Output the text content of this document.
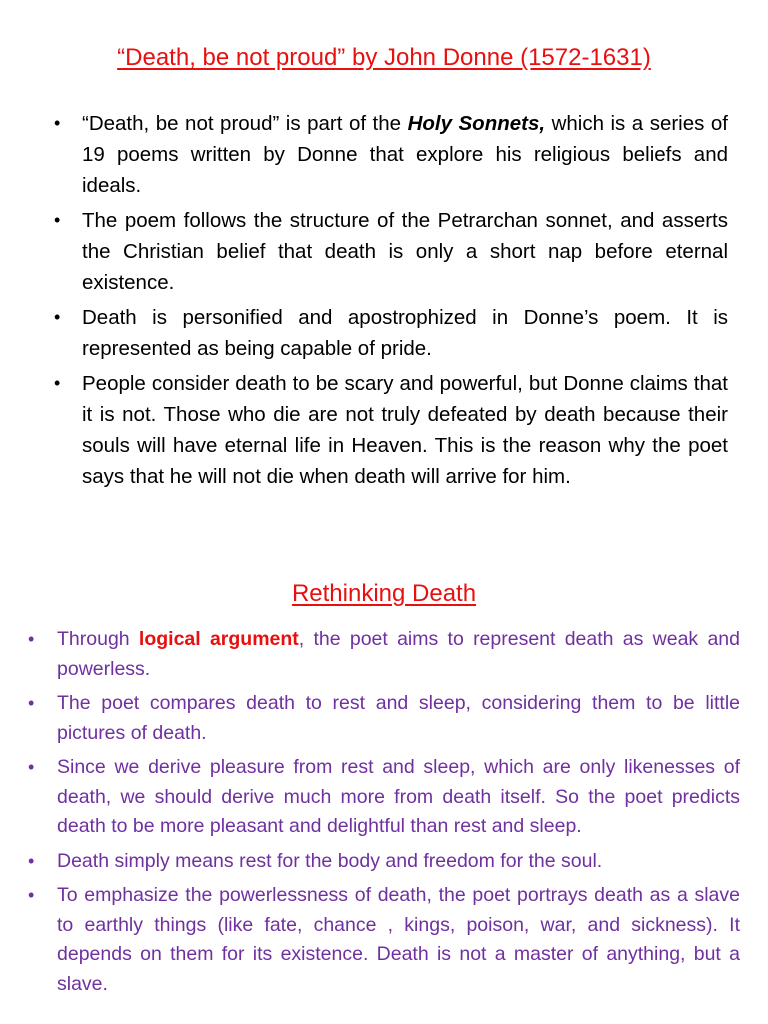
“Death, be not proud” by John Donne (1572-1631)
• “Death, be not proud” is part of the Holy Sonnets, which is a series of 19 poems written by Donne that explore his religious beliefs and ideals.
• The poem follows the structure of the Petrarchan sonnet, and asserts the Christian belief that death is only a short nap before eternal existence.
• Death is personified and apostrophized in Donne’s poem. It is represented as being capable of pride.
• People consider death to be scary and powerful, but Donne claims that it is not. Those who die are not truly defeated by death because their souls will have eternal life in Heaven. This is the reason why the poet says that he will not die when death will arrive for him.
Rethinking Death
• Through logical argument, the poet aims to represent death as weak and powerless.
• The poet compares death to rest and sleep, considering them to be little pictures of death.
• Since we derive pleasure from rest and sleep, which are only likenesses of death, we should derive much more from death itself. So the poet predicts death to be more pleasant and delightful than rest and sleep.
• Death simply means rest for the body and freedom for the soul.
• To emphasize the powerlessness of death, the poet portrays death as a slave to earthly things (like fate, chance , kings, poison, war, and sickness). It depends on them for its existence. Death is not a master of anything, but a slave.
